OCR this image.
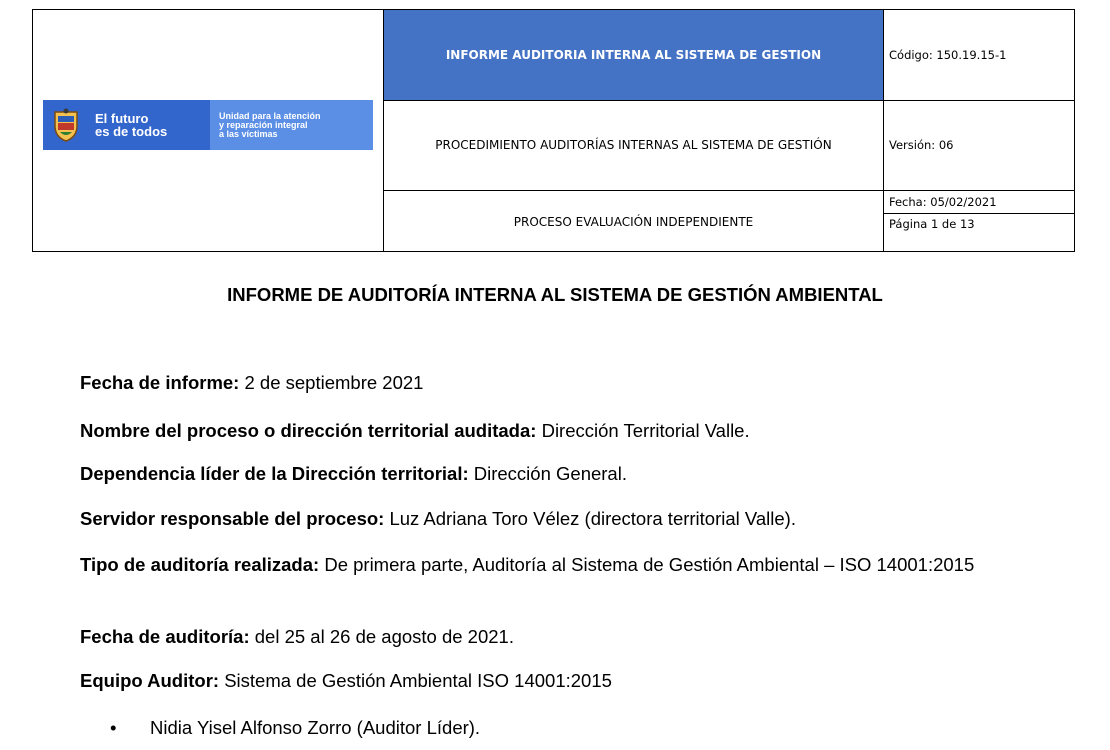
El futuro
es de todos
Unidad para la atención
y reparación integral
a las víctimas
INFORME AUDITORIA INTERNA AL SISTEMA DE GESTION
PROCEDIMIENTO AUDITORÍAS INTERNAS AL SISTEMA DE GESTIÓN
PROCESO EVALUACIÓN INDEPENDIENTE
Código: 150.19.15-1
Versión: 06
Fecha: 05/02/2021
Página 1 de 13
INFORME DE AUDITORÍA INTERNA AL SISTEMA DE GESTIÓN AMBIENTAL
Fecha de informe: 2 de septiembre 2021
Nombre del proceso o dirección territorial auditada: Dirección Territorial Valle.
Dependencia líder de la Dirección territorial: Dirección General.
Servidor responsable del proceso: Luz Adriana Toro Vélez (directora territorial Valle).
Tipo de auditoría realizada: De primera parte, Auditoría al Sistema de Gestión Ambiental – ISO 14001:2015
Fecha de auditoría: del 25 al 26 de agosto de 2021.
Equipo Auditor: Sistema de Gestión Ambiental ISO 14001:2015
•	Nidia Yisel Alfonso Zorro (Auditor Líder).
